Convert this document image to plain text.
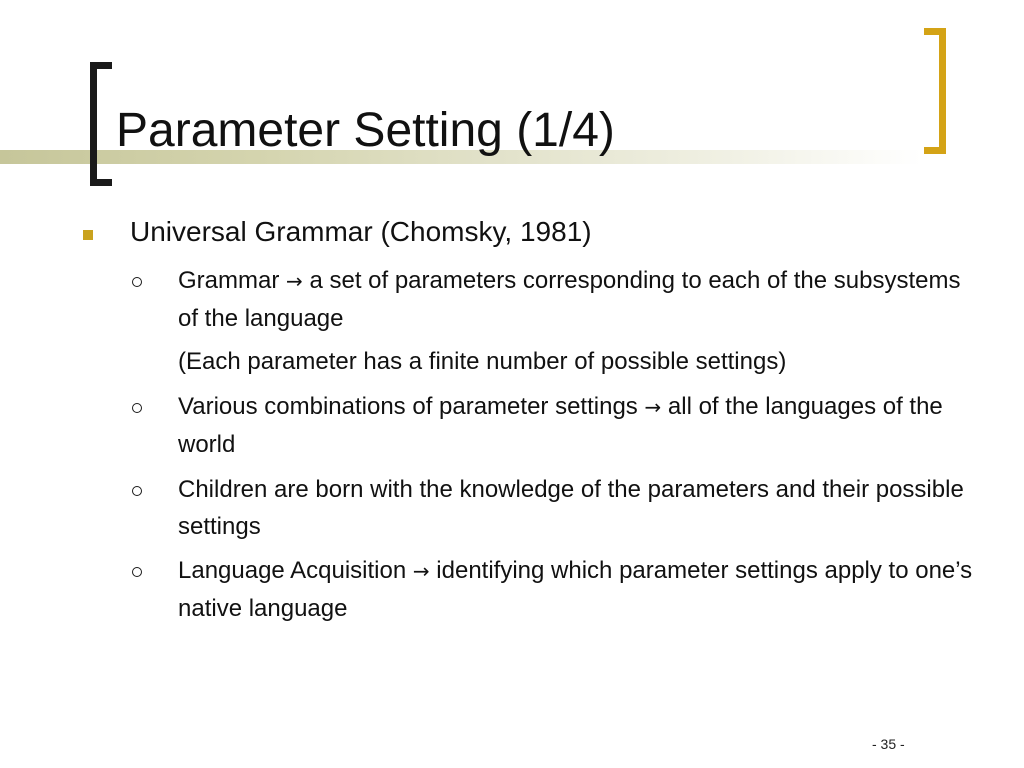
Parameter Setting (1/4)
Universal Grammar (Chomsky, 1981)
Grammar → a set of parameters corresponding to each of the subsystems of the language
(Each parameter has a finite number of possible settings)
Various combinations of parameter settings → all of the languages of the world
Children are born with the knowledge of the parameters and their possible settings
Language Acquisition → identifying which parameter settings apply to one’s native language
- 35 -
